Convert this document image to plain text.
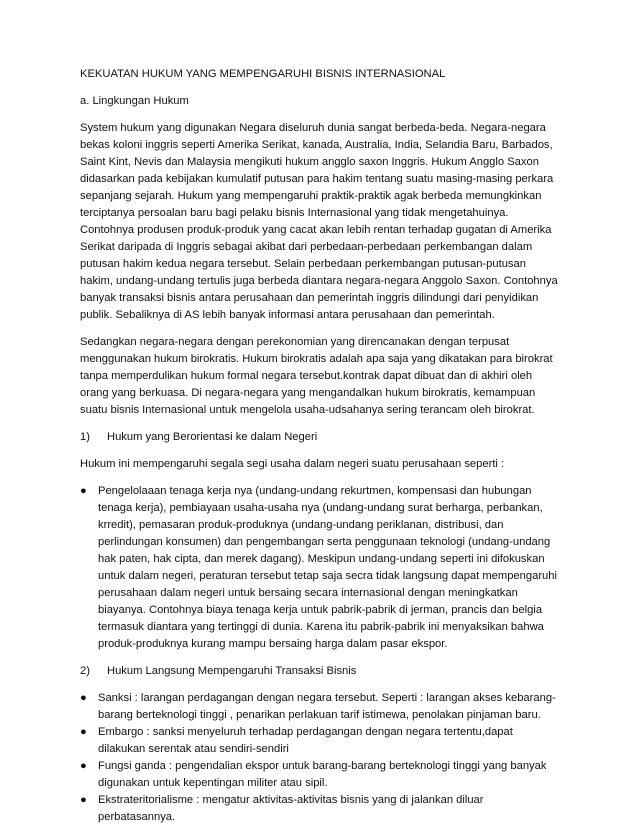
KEKUATAN HUKUM YANG MEMPENGARUHI BISNIS INTERNASIONAL

a. Lingkungan Hukum

System hukum yang digunakan Negara diseluruh dunia sangat berbeda-beda. Negara-negara bekas koloni inggris seperti Amerika Serikat, kanada, Australia, India, Selandia Baru, Barbados, Saint Kint, Nevis dan Malaysia mengikuti hukum angglo saxon Inggris. Hukum Angglo Saxon didasarkan pada kebijakan kumulatif putusan para hakim tentang suatu masing-masing perkara sepanjang sejarah. Hukum yang mempengaruhi praktik-praktik agak berbeda memungkinkan terciptanya persoalan baru bagi pelaku bisnis Internasional yang tidak mengetahuinya. Contohnya produsen produk-produk yang cacat akan lebih rentan terhadap gugatan di Amerika Serikat daripada di Inggris sebagai akibat dari perbedaan-perbedaan perkembangan dalam putusan hakim kedua negara tersebut. Selain perbedaan perkembangan putusan-putusan hakim, undang-undang tertulis juga berbeda diantara negara-negara Anggolo Saxon. Contohnya banyak transaksi bisnis antara perusahaan dan pemerintah inggris dilindungi dari penyidikan publik. Sebaliknya di AS lebih banyak informasi antara perusahaan dan pemerintah.

Sedangkan negara-negara dengan perekonomian yang direncanakan dengan terpusat menggunakan hukum birokratis. Hukum birokratis adalah apa saja yang dikatakan para birokrat tanpa memperdulikan hukum formal negara tersebut.kontrak dapat dibuat dan di akhiri oleh orang yang berkuasa. Di negara-negara yang mengandalkan hukum birokratis, kemampuan suatu bisnis Internasional untuk mengelola usaha-udsahanya sering terancam oleh birokrat.

1)	Hukum yang Berorientasi ke dalam Negeri

Hukum ini mempengaruhi segala segi usaha dalam negeri suatu perusahaan seperti :

● Pengelolaaan tenaga kerja nya (undang-undang rekurtmen, kompensasi dan hubungan tenaga kerja), pembiayaan usaha-usaha nya (undang-undang surat berharga, perbankan, krredit), pemasaran produk-produknya (undang-undang periklanan, distribusi, dan perlindungan konsumen) dan pengembangan serta penggunaan teknologi (undang-undang hak paten, hak cipta, dan merek dagang). Meskipun undang-undang seperti ini difokuskan untuk dalam negeri, peraturan tersebut tetap saja secra tidak langsung dapat mempengaruhi perusahaan dalam negeri untuk bersaing secara internasional dengan meningkatkan biayanya. Contohnya biaya tenaga kerja untuk pabrik-pabrik di jerman, prancis dan belgia termasuk diantara yang tertinggi di dunia. Karena itu pabrik-pabrik ini menyaksikan bahwa produk-produknya kurang mampu bersaing harga dalam pasar ekspor.
2)	Hukum Langsung Mempengaruhi Transaksi Bisnis
● Sanksi : larangan perdagangan dengan negara tersebut. Seperti : larangan akses kebarang-barang berteknologi tinggi , penarikan perlakuan tarif istimewa, penolakan pinjaman baru.
● Embargo : sanksi menyeluruh terhadap perdagangan dengan negara tertentu,dapat dilakukan serentak atau sendiri-sendiri
● Fungsi ganda : pengendalian ekspor untuk barang-barang berteknologi tinggi yang banyak digunakan untuk kepentingan militer atau sipil.
● Ekstrateritorialisme : mengatur aktivitas-aktivitas bisnis yang di jalankan diluar perbatasannya.
